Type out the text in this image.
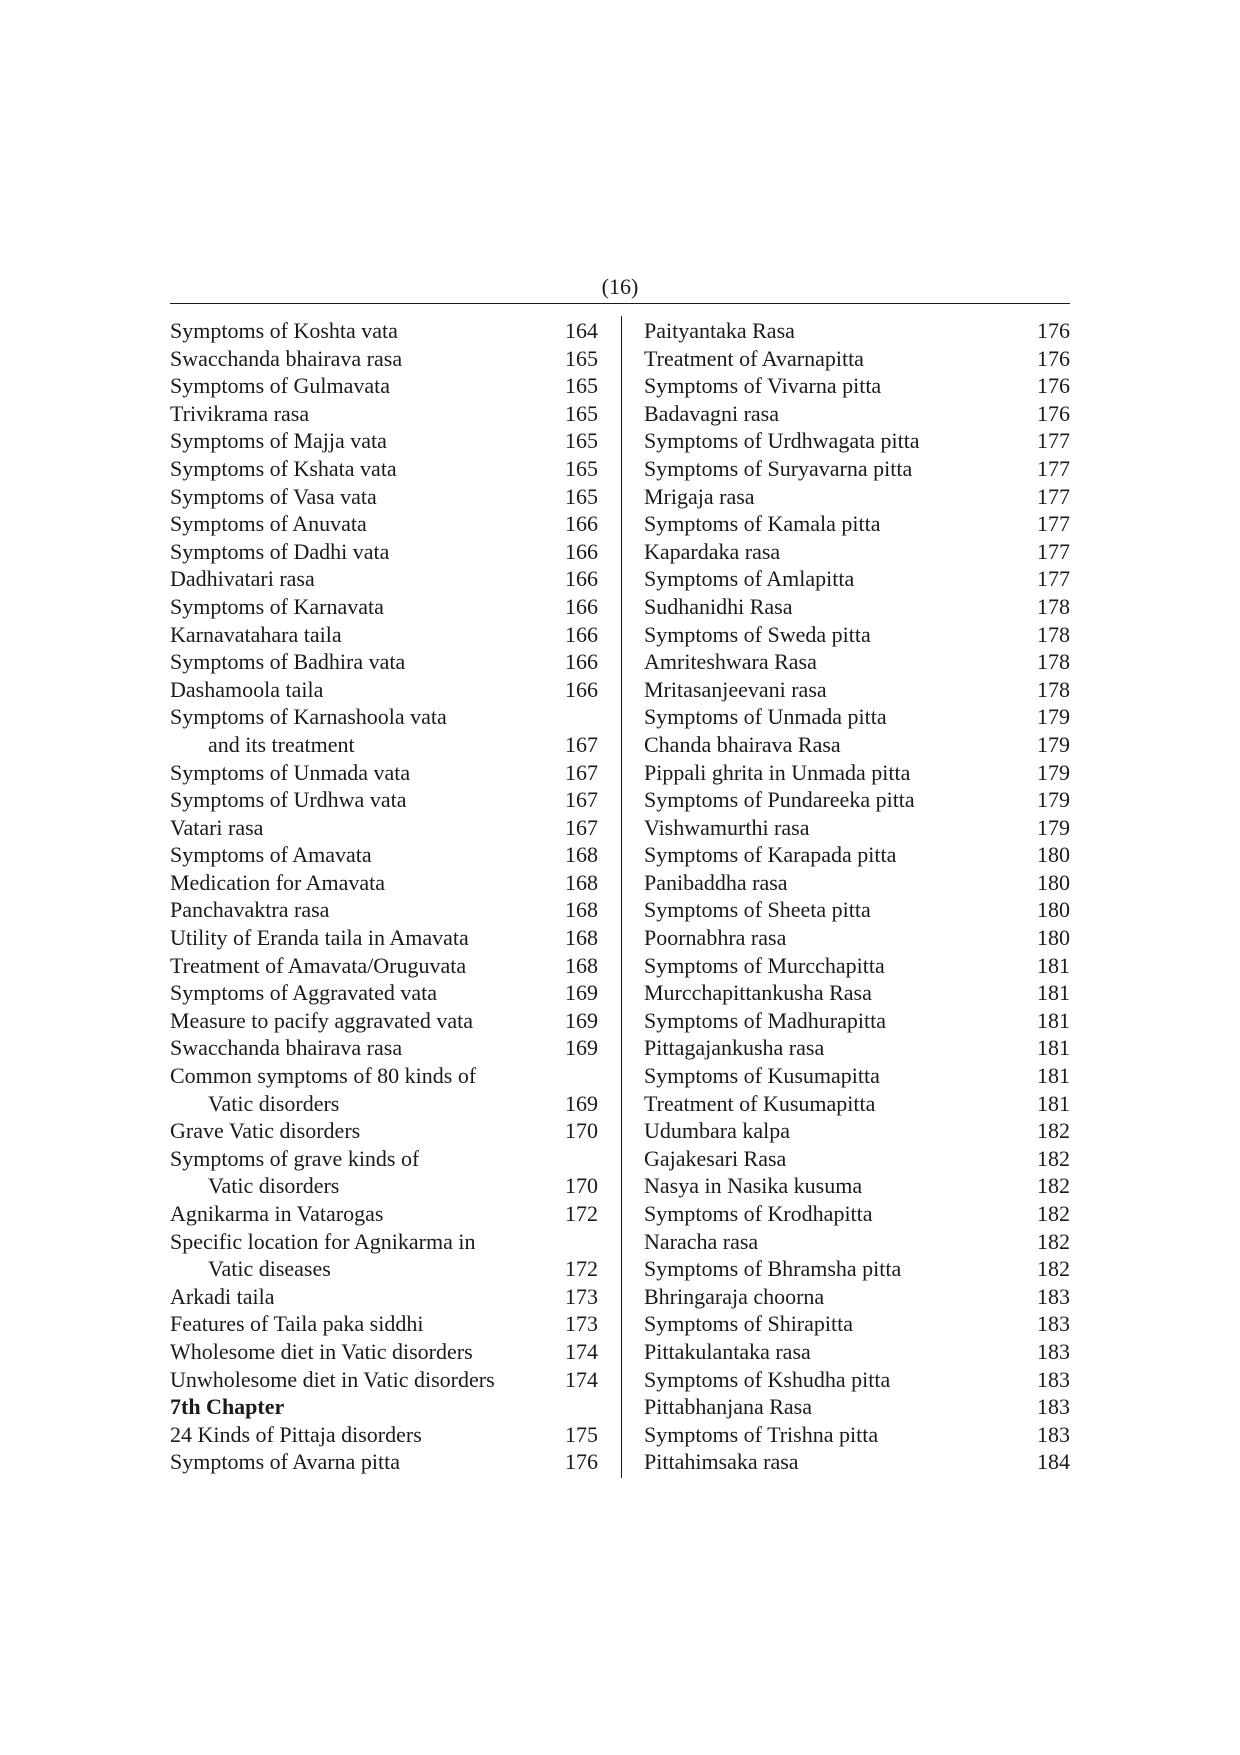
(16)
Symptoms of Koshta vata	164
Swacchanda bhairava rasa	165
Symptoms of Gulmavata	165
Trivikrama rasa	165
Symptoms of Majja vata	165
Symptoms of Kshata vata	165
Symptoms of Vasa vata	165
Symptoms of Anuvata	166
Symptoms of Dadhi vata	166
Dadhivatari rasa	166
Symptoms of Karnavata	166
Karnavatahara taila	166
Symptoms of Badhira vata	166
Dashamoola taila	166
Symptoms of Karnashoola vata
and its treatment	167
Symptoms of Unmada vata	167
Symptoms of Urdhwa vata	167
Vatari rasa	167
Symptoms of Amavata	168
Medication for Amavata	168
Panchavaktra rasa	168
Utility of Eranda taila in Amavata	168
Treatment of Amavata/Oruguvata	168
Symptoms of Aggravated vata	169
Measure to pacify aggravated vata	169
Swacchanda bhairava rasa	169
Common symptoms of 80 kinds of
Vatic disorders	169
Grave Vatic disorders	170
Symptoms of grave kinds of
Vatic disorders	170
Agnikarma in Vatarogas	172
Specific location for Agnikarma in
Vatic diseases	172
Arkadi taila	173
Features of Taila paka siddhi	173
Wholesome diet in Vatic disorders	174
Unwholesome diet in Vatic disorders	174
7th Chapter
24 Kinds of Pittaja disorders	175
Symptoms of Avarna pitta	176
Paityantaka Rasa	176
Treatment of Avarnapitta	176
Symptoms of Vivarna pitta	176
Badavagni rasa	176
Symptoms of Urdhwagata pitta	177
Symptoms of Suryavarna pitta	177
Mrigaja rasa	177
Symptoms of Kamala pitta	177
Kapardaka rasa	177
Symptoms of Amlapitta	177
Sudhanidhi Rasa	178
Symptoms of Sweda pitta	178
Amriteshwara Rasa	178
Mritasanjeevani rasa	178
Symptoms of Unmada pitta	179
Chanda bhairava Rasa	179
Pippali ghrita in Unmada pitta	179
Symptoms of Pundareeka pitta	179
Vishwamurthi rasa	179
Symptoms of Karapada pitta	180
Panibaddha rasa	180
Symptoms of Sheeta pitta	180
Poornabhra rasa	180
Symptoms of Murcchapitta	181
Murcchapittankusha Rasa	181
Symptoms of Madhurapitta	181
Pittagajankusha rasa	181
Symptoms of Kusumapitta	181
Treatment of Kusumapitta	181
Udumbara kalpa	182
Gajakesari Rasa	182
Nasya in Nasika kusuma	182
Symptoms of Krodhapitta	182
Naracha rasa	182
Symptoms of Bhramsha pitta	182
Bhringaraja choorna	183
Symptoms of Shirapitta	183
Pittakulantaka rasa	183
Symptoms of Kshudha pitta	183
Pittabhanjana Rasa	183
Symptoms of Trishna pitta	183
Pittahimsaka rasa	184
